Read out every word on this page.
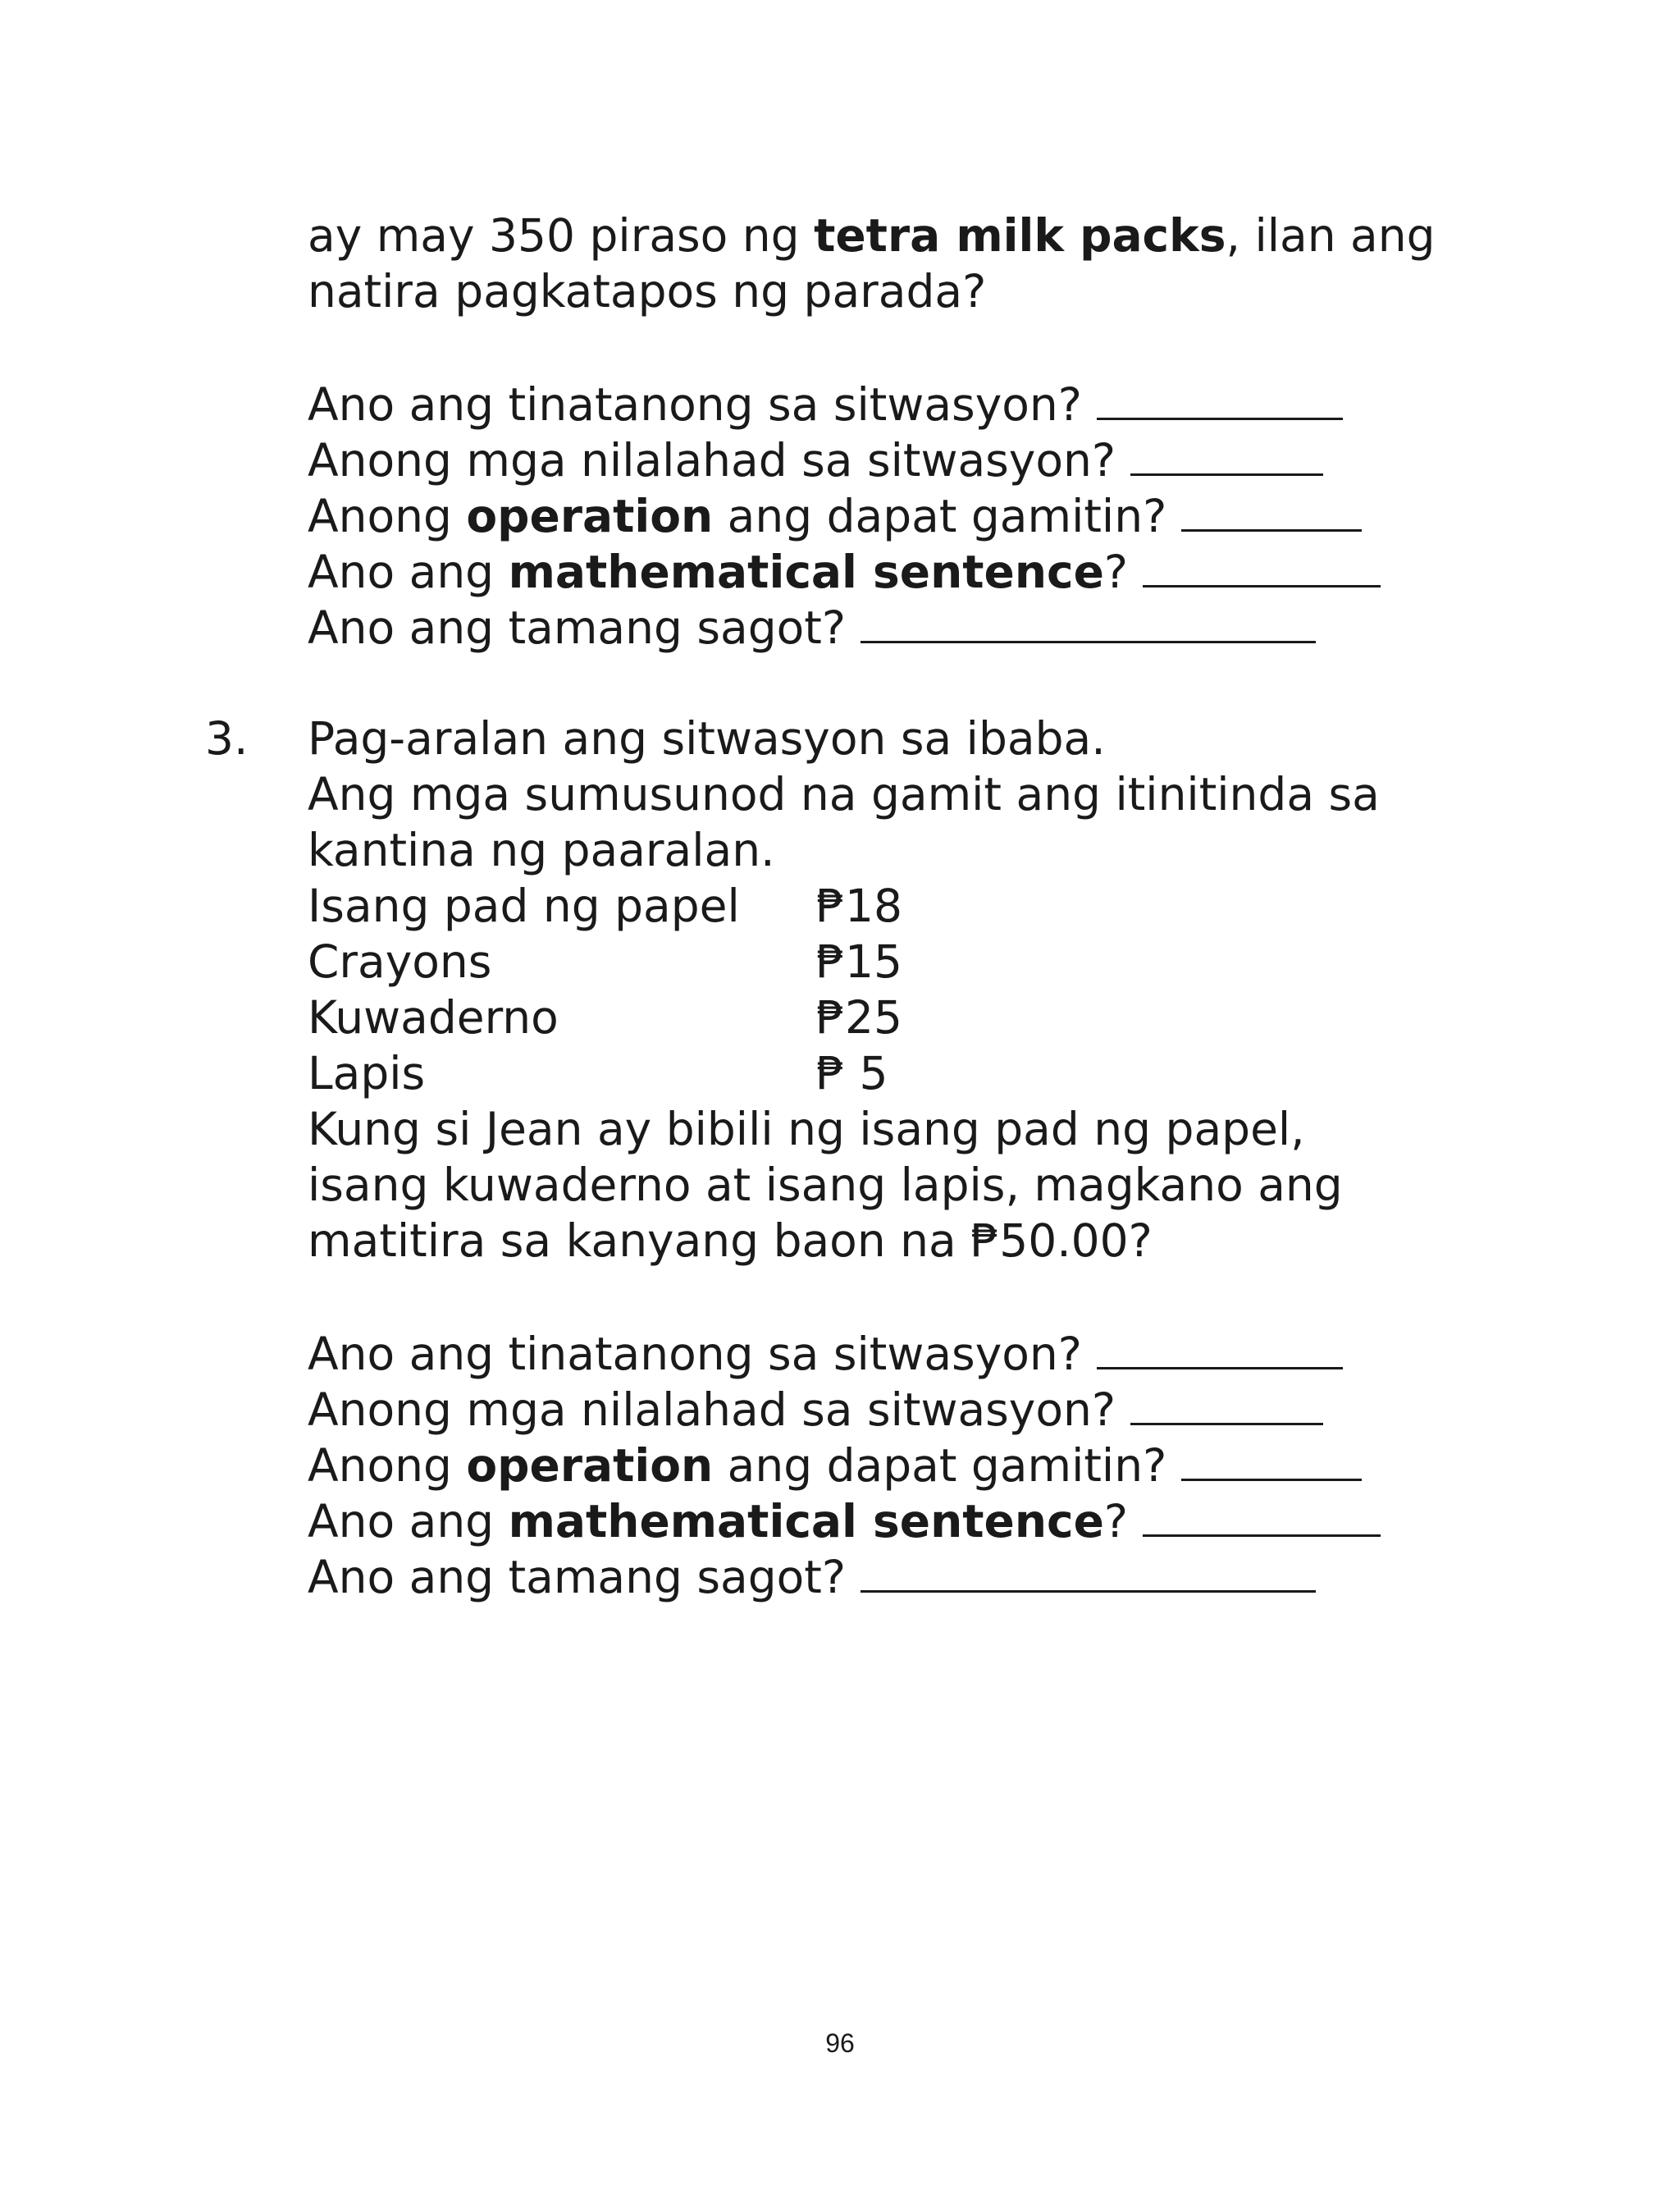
ay may 350 piraso ng tetra milk packs, ilan ang
natira pagkatapos ng parada?
Ano ang tinatanong sa sitwasyon?
Anong mga nilalahad sa sitwasyon?
Anong operation ang dapat gamitin?
Ano ang mathematical sentence?
Ano ang tamang sagot?
3. Pag-aralan ang sitwasyon sa ibaba.
Ang mga sumusunod na gamit ang itinitinda sa
kantina ng paaralan.
Isang pad ng papel ₱18
Crayons	₱15
Kuwaderno	₱25
Lapis	₱ 5
Kung si Jean ay bibili ng isang pad ng papel,
isang kuwaderno at isang lapis, magkano ang
matitira sa kanyang baon na ₱50.00?
Ano ang tinatanong sa sitwasyon?
Anong mga nilalahad sa sitwasyon?
Anong operation ang dapat gamitin?
Ano ang mathematical sentence?
Ano ang tamang sagot?
96
